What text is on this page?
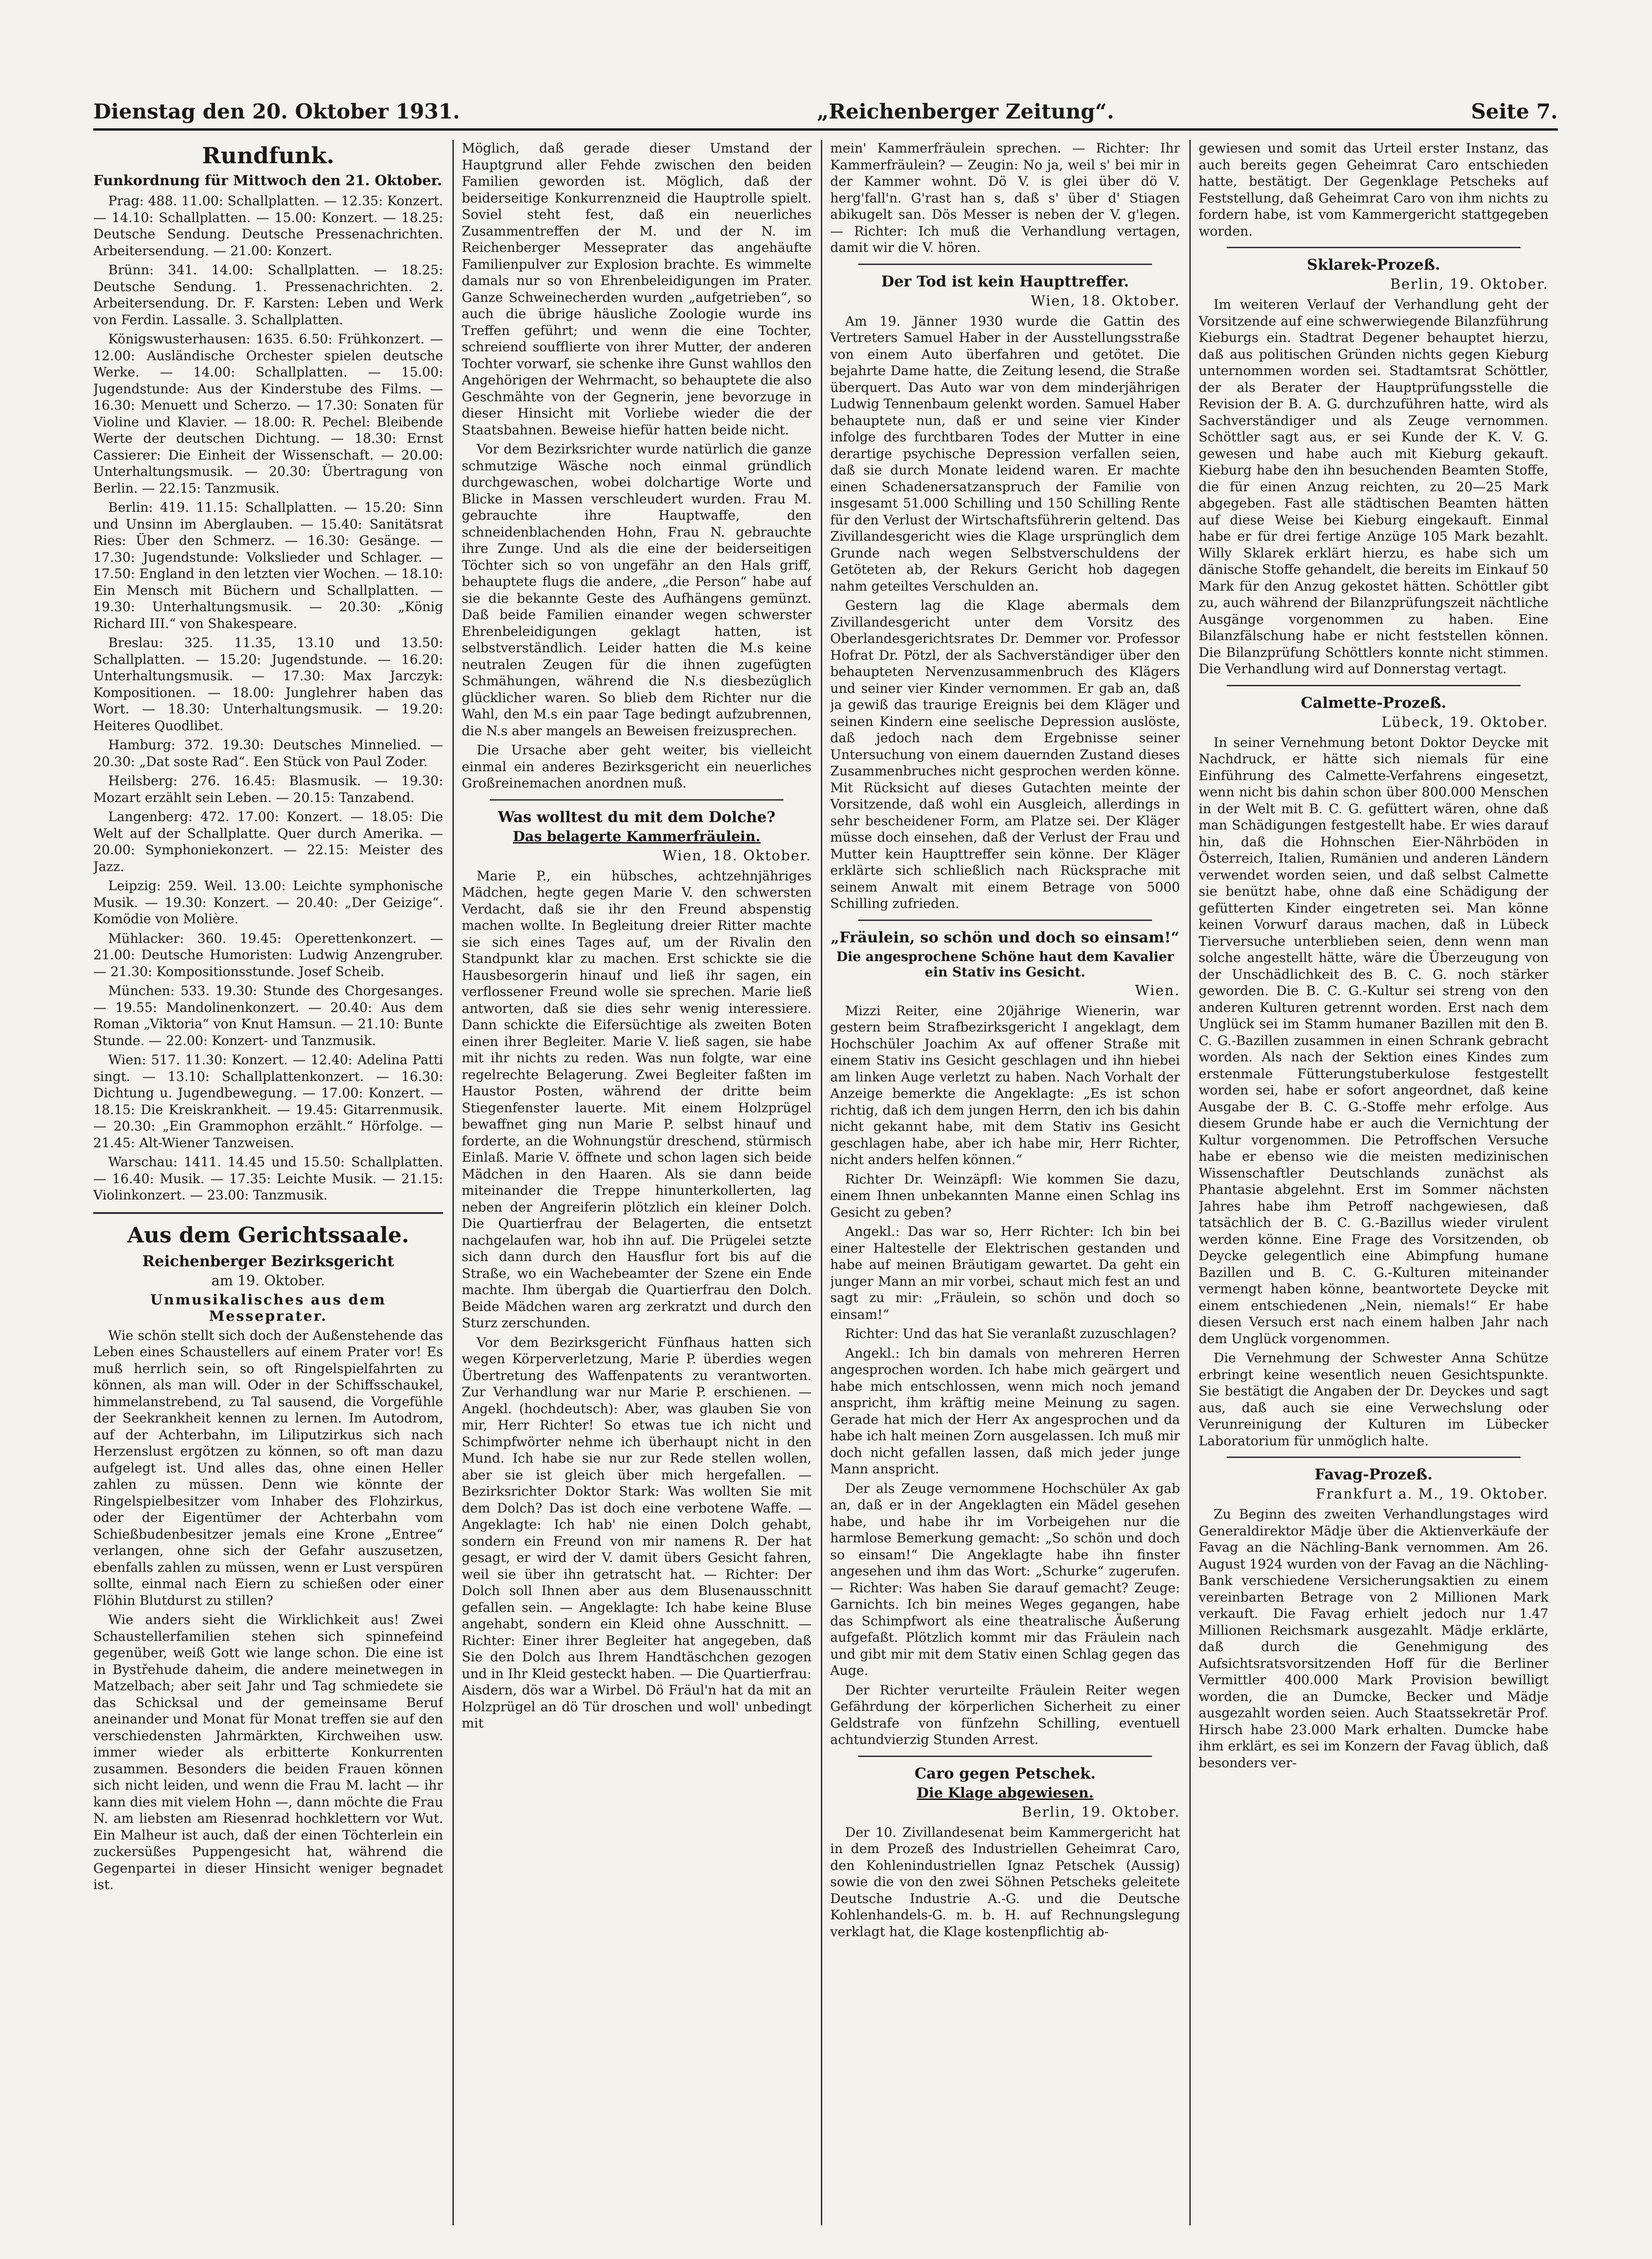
Dienstag den 20. Oktober 1931.	„Reichenberger Zeitung“.	Seite 7.
Rundfunk.
Funkordnung für Mittwoch den 21. Oktober.

Prag: 488. 11.00: Schallplatten. — 12.35: Konzert. — 14.10: Schallplatten. — 15.00: Konzert. — 18.25: Deutsche Sendung. Deutsche Pressenachrichten. Arbeitersendung. — 21.00: Konzert.

Brünn: 341. 14.00: Schallplatten. — 18.25: Deutsche Sendung. 1. Pressenachrichten. 2. Arbeitersendung. Dr. F. Karsten: Leben und Werk von Ferdin. Lassalle. 3. Schallplatten.

Königswusterhausen: 1635. 6.50: Frühkonzert. — 12.00: Ausländische Orchester spielen deutsche Werke. — 14.00: Schallplatten. — 15.00: Jugendstunde: Aus der Kinderstube des Films. — 16.30: Menuett und Scherzo. — 17.30: Sonaten für Violine und Klavier. — 18.00: R. Pechel: Bleibende Werte der deutschen Dichtung. — 18.30: Ernst Cassierer: Die Einheit der Wissenschaft. — 20.00: Unterhaltungsmusik. — 20.30: Übertragung von Berlin. — 22.15: Tanzmusik.

Berlin: 419. 11.15: Schallplatten. — 15.20: Sinn und Unsinn im Aberglauben. — 15.40: Sanitätsrat Ries: Über den Schmerz. — 16.30: Gesänge. — 17.30: Jugendstunde: Volkslieder und Schlager. — 17.50: England in den letzten vier Wochen. — 18.10: Ein Mensch mit Büchern und Schallplatten. — 19.30: Unterhaltungsmusik. — 20.30: „König Richard III.“ von Shakespeare.

Breslau: 325. 11.35, 13.10 und 13.50: Schallplatten. — 15.20: Jugendstunde. — 16.20: Unterhaltungsmusik. — 17.30: Max Jarczyk: Kompositionen. — 18.00: Junglehrer haben das Wort. — 18.30: Unterhaltungsmusik. — 19.20: Heiteres Quodlibet.

Hamburg: 372. 19.30: Deutsches Minnelied. — 20.30: „Dat soste Rad“. Een Stück von Paul Zoder.

Heilsberg: 276. 16.45: Blasmusik. — 19.30: Mozart erzählt sein Leben. — 20.15: Tanzabend.

Langenberg: 472. 17.00: Konzert. — 18.05: Die Welt auf der Schallplatte. Quer durch Amerika. — 20.00: Symphoniekonzert. — 22.15: Meister des Jazz.

Leipzig: 259. Weil. 13.00: Leichte symphonische Musik. — 19.30: Konzert. — 20.40: „Der Geizige“. Komödie von Molière.

Mühlacker: 360. 19.45: Operettenkonzert. — 21.00: Deutsche Humoristen: Ludwig Anzengruber. — 21.30: Kompositionsstunde. Josef Scheib.

München: 533. 19.30: Stunde des Chorgesanges. — 19.55: Mandolinenkonzert. — 20.40: Aus dem Roman „Viktoria“ von Knut Hamsun. — 21.10: Bunte Stunde. — 22.00: Konzert- und Tanzmusik.

Wien: 517. 11.30: Konzert. — 12.40: Adelina Patti singt. — 13.10: Schallplattenkonzert. — 16.30: Dichtung u. Jugendbewegung. — 17.00: Konzert. — 18.15: Die Kreiskrankheit. — 19.45: Gitarrenmusik. — 20.30: „Ein Grammophon erzählt.“ Hörfolge. — 21.45: Alt-Wiener Tanzweisen.

Warschau: 1411. 14.45 und 15.50: Schallplatten. — 16.40: Musik. — 17.35: Leichte Musik. — 21.15: Violinkonzert. — 23.00: Tanzmusik.

Aus dem Gerichtssaale.
Reichenberger Bezirksgericht
am 19. Oktober.
Unmusikalisches aus dem Messeprater.

Wie schön stellt sich doch der Außenstehende das Leben eines Schaustellers auf einem Prater vor! Es muß herrlich sein, so oft Ringelspielfahrten zu können, als man will. Oder in der Schiffsschaukel, himmelanstrebend, zu Tal sausend, die Vorgefühle der Seekrankheit kennen zu lernen. Im Autodrom, auf der Achterbahn, im Liliputzirkus sich nach Herzenslust ergötzen zu können, so oft man dazu aufgelegt ist. Und alles das, ohne einen Heller zahlen zu müssen. Denn wie könnte der Ringelspielbesitzer vom Inhaber des Flohzirkus, oder der Eigentümer der Achterbahn vom Schießbudenbesitzer jemals eine Krone „Entree“ verlangen, ohne sich der Gefahr auszusetzen, ebenfalls zahlen zu müssen, wenn er Lust verspüren sollte, einmal nach Eiern zu schießen oder einer Flöhin Blutdurst zu stillen?

Wie anders sieht die Wirklichkeit aus! Zwei Schaustellerfamilien stehen sich spinnefeind gegenüber, weiß Gott wie lange schon. Die eine ist in Bystřehude daheim, die andere meinetwegen in Matzelbach; aber seit Jahr und Tag schmiedete sie das Schicksal und der gemeinsame Beruf aneinander und Monat für Monat treffen sie auf den verschiedensten Jahrmärkten, Kirchweihen usw. immer wieder als erbitterte Konkurrenten zusammen. Besonders die beiden Frauen können sich nicht leiden, und wenn die Frau M. lacht — ihr kann dies mit vielem Hohn —, dann möchte die Frau N. am liebsten am Riesenrad hochklettern vor Wut. Ein Malheur ist auch, daß der einen Töchterlein ein zuckersüßes Puppengesicht hat, während die Gegenpartei in dieser Hinsicht weniger begnadet ist.

Möglich, daß gerade dieser Umstand der Hauptgrund aller Fehde zwischen den beiden Familien geworden ist. Möglich, daß der beiderseitige Konkurrenzneid die Hauptrolle spielt. Soviel steht fest, daß ein neuerliches Zusammentreffen der M. und der N. im Reichenberger Messeprater das angehäufte Familienpulver zur Explosion brachte. Es wimmelte damals nur so von Ehrenbeleidigungen im Prater. Ganze Schweinecherden wurden „aufgetrieben“, so auch die übrige häusliche Zoologie wurde ins Treffen geführt; und wenn die eine Tochter, schreiend soufflierte von ihrer Mutter, der anderen Tochter vorwarf, sie schenke ihre Gunst wahllos den Angehörigen der Wehrmacht, so behauptete die also Geschmähte von der Gegnerin, jene bevorzuge in dieser Hinsicht mit Vorliebe wieder die der Staatsbahnen. Beweise hiefür hatten beide nicht.

Vor dem Bezirksrichter wurde natürlich die ganze schmutzige Wäsche noch einmal gründlich durchgewaschen, wobei dolchartige Worte und Blicke in Massen verschleudert wurden. Frau M. gebrauchte ihre Hauptwaffe, den schneidenblachenden Hohn, Frau N. gebrauchte ihre Zunge. Und als die eine der beiderseitigen Töchter sich so von ungefähr an den Hals griff, behauptete flugs die andere, „die Person“ habe auf sie die bekannte Geste des Aufhängens gemünzt. Daß beide Familien einander wegen schwerster Ehrenbeleidigungen geklagt hatten, ist selbstverständlich. Leider hatten die M.s keine neutralen Zeugen für die ihnen zugefügten Schmähungen, während die N.s diesbezüglich glücklicher waren. So blieb dem Richter nur die Wahl, den M.s ein paar Tage bedingt aufzubrennen, die N.s aber mangels an Beweisen freizusprechen.

Die Ursache aber geht weiter, bis vielleicht einmal ein anderes Bezirksgericht ein neuerliches Großreinemachen anordnen muß.

Was wolltest du mit dem Dolche?
Das belagerte Kammerfräulein.
Wien, 18. Oktober.

Marie P., ein hübsches, achtzehnjähriges Mädchen, hegte gegen Marie V. den schwersten Verdacht, daß sie ihr den Freund abspenstig machen wollte. In Begleitung dreier Ritter machte sie sich eines Tages auf, um der Rivalin den Standpunkt klar zu machen. Erst schickte sie die Hausbesorgerin hinauf und ließ ihr sagen, ein verflossener Freund wolle sie sprechen. Marie ließ antworten, daß sie dies sehr wenig interessiere. Dann schickte die Eifersüchtige als zweiten Boten einen ihrer Begleiter. Marie V. ließ sagen, sie habe mit ihr nichts zu reden. Was nun folgte, war eine regelrechte Belagerung. Zwei Begleiter faßten im Haustor Posten, während der dritte beim Stiegenfenster lauerte. Mit einem Holzprügel bewaffnet ging nun Marie P. selbst hinauf und forderte, an die Wohnungstür dreschend, stürmisch Einlaß. Marie V. öffnete und schon lagen sich beide Mädchen in den Haaren. Als sie dann beide miteinander die Treppe hinunterkollerten, lag neben der Angreiferin plötzlich ein kleiner Dolch. Die Quartierfrau der Belagerten, die entsetzt nachgelaufen war, hob ihn auf. Die Prügelei setzte sich dann durch den Hausflur fort bis auf die Straße, wo ein Wachebeamter der Szene ein Ende machte. Ihm übergab die Quartierfrau den Dolch. Beide Mädchen waren arg zerkratzt und durch den Sturz zerschunden.

Vor dem Bezirksgericht Fünfhaus hatten sich wegen Körperverletzung, Marie P. überdies wegen Übertretung des Waffenpatents zu verantworten. Zur Verhandlung war nur Marie P. erschienen. — Angekl. (hochdeutsch): Aber, was glauben Sie von mir, Herr Richter! So etwas tue ich nicht und Schimpfwörter nehme ich überhaupt nicht in den Mund. Ich habe sie nur zur Rede stellen wollen, aber sie ist gleich über mich hergefallen. — Bezirksrichter Doktor Stark: Was wollten Sie mit dem Dolch? Das ist doch eine verbotene Waffe. — Angeklagte: Ich hab' nie einen Dolch gehabt, sondern ein Freund von mir namens R. Der hat gesagt, er wird der V. damit übers Gesicht fahren, weil sie über ihn getratscht hat. — Richter: Der Dolch soll Ihnen aber aus dem Blusenausschnitt gefallen sein. — Angeklagte: Ich habe keine Bluse angehabt, sondern ein Kleid ohne Ausschnitt. — Richter: Einer ihrer Begleiter hat angegeben, daß Sie den Dolch aus Ihrem Handtäschchen gezogen und in Ihr Kleid gesteckt haben. — Die Quartierfrau: Aisdern, dös war a Wirbel. Dö Fräul'n hat da mit an Holzprügel an dö Tür droschen und woll' unbedingt mit

mein' Kammerfräulein sprechen. — Richter: Ihr Kammerfräulein? — Zeugin: No ja, weil s' bei mir in der Kammer wohnt. Dö V. is glei über dö V. herg'fall'n. G'rast han s, daß s' über d' Stiagen abikugelt san. Dös Messer is neben der V. g'legen. — Richter: Ich muß die Verhandlung vertagen, damit wir die V. hören.

Der Tod ist kein Haupttreffer.
Wien, 18. Oktober.

Am 19. Jänner 1930 wurde die Gattin des Vertreters Samuel Haber in der Ausstellungsstraße von einem Auto überfahren und getötet. Die bejahrte Dame hatte, die Zeitung lesend, die Straße überquert. Das Auto war von dem minderjährigen Ludwig Tennenbaum gelenkt worden. Samuel Haber behauptete nun, daß er und seine vier Kinder infolge des furchtbaren Todes der Mutter in eine derartige psychische Depression verfallen seien, daß sie durch Monate leidend waren. Er machte einen Schadenersatzanspruch der Familie von insgesamt 51.000 Schilling und 150 Schilling Rente für den Verlust der Wirtschaftsführerin geltend. Das Zivillandesgericht wies die Klage ursprünglich dem Grunde nach wegen Selbstverschuldens der Getöteten ab, der Rekurs Gericht hob dagegen nahm geteiltes Verschulden an.

Gestern lag die Klage abermals dem Zivillandesgericht unter dem Vorsitz des Oberlandesgerichtsrates Dr. Demmer vor. Professor Hofrat Dr. Pötzl, der als Sachverständiger über den behaupteten Nervenzusammenbruch des Klägers und seiner vier Kinder vernommen. Er gab an, daß ja gewiß das traurige Ereignis bei dem Kläger und seinen Kindern eine seelische Depression auslöste, daß jedoch nach dem Ergebnisse seiner Untersuchung von einem dauernden Zustand dieses Zusammenbruches nicht gesprochen werden könne. Mit Rücksicht auf dieses Gutachten meinte der Vorsitzende, daß wohl ein Ausgleich, allerdings in sehr bescheidener Form, am Platze sei. Der Kläger müsse doch einsehen, daß der Verlust der Frau und Mutter kein Haupttreffer sein könne. Der Kläger erklärte sich schließlich nach Rücksprache mit seinem Anwalt mit einem Betrage von 5000 Schilling zufrieden.

„Fräulein, so schön und doch so einsam!“
Die angesprochene Schöne haut dem Kavalier ein Stativ ins Gesicht.
Wien.

Mizzi Reiter, eine 20jährige Wienerin, war gestern beim Strafbezirksgericht I angeklagt, dem Hochschüler Joachim Ax auf offener Straße mit einem Stativ ins Gesicht geschlagen und ihn hiebei am linken Auge verletzt zu haben. Nach Vorhalt der Anzeige bemerkte die Angeklagte: „Es ist schon richtig, daß ich dem jungen Herrn, den ich bis dahin nicht gekannt habe, mit dem Stativ ins Gesicht geschlagen habe, aber ich habe mir, Herr Richter, nicht anders helfen können.“

Richter Dr. Weinzäpfl: Wie kommen Sie dazu, einem Ihnen unbekannten Manne einen Schlag ins Gesicht zu geben?

Angekl.: Das war so, Herr Richter: Ich bin bei einer Haltestelle der Elektrischen gestanden und habe auf meinen Bräutigam gewartet. Da geht ein junger Mann an mir vorbei, schaut mich fest an und sagt zu mir: „Fräulein, so schön und doch so einsam!“

Richter: Und das hat Sie veranlaßt zuzuschlagen?

Angekl.: Ich bin damals von mehreren Herren angesprochen worden. Ich habe mich geärgert und habe mich entschlossen, wenn mich noch jemand anspricht, ihm kräftig meine Meinung zu sagen. Gerade hat mich der Herr Ax angesprochen und da habe ich halt meinen Zorn ausgelassen. Ich muß mir doch nicht gefallen lassen, daß mich jeder junge Mann anspricht.

Der als Zeuge vernommene Hochschüler Ax gab an, daß er in der Angeklagten ein Mädel gesehen habe, und habe ihr im Vorbeigehen nur die harmlose Bemerkung gemacht: „So schön und doch so einsam!“ Die Angeklagte habe ihn finster angesehen und ihm das Wort: „Schurke“ zugerufen. — Richter: Was haben Sie darauf gemacht? Zeuge: Garnichts. Ich bin meines Weges gegangen, habe das Schimpfwort als eine theatralische Äußerung aufgefaßt. Plötzlich kommt mir das Fräulein nach und gibt mir mit dem Stativ einen Schlag gegen das Auge.

Der Richter verurteilte Fräulein Reiter wegen Gefährdung der körperlichen Sicherheit zu einer Geldstrafe von fünfzehn Schilling, eventuell achtundvierzig Stunden Arrest.

Caro gegen Petschek.
Die Klage abgewiesen.
Berlin, 19. Oktober.

Der 10. Zivillandesenat beim Kammergericht hat in dem Prozeß des Industriellen Geheimrat Caro, den Kohlenindustriellen Ignaz Petschek (Aussig) sowie die von den zwei Söhnen Petscheks geleitete Deutsche Industrie A.-G. und die Deutsche Kohlenhandels-G. m. b. H. auf Rechnungslegung verklagt hat, die Klage kostenpflichtig ab-

gewiesen und somit das Urteil erster Instanz, das auch bereits gegen Geheimrat Caro entschieden hatte, bestätigt. Der Gegenklage Petscheks auf Feststellung, daß Geheimrat Caro von ihm nichts zu fordern habe, ist vom Kammergericht stattgegeben worden.

Sklarek-Prozeß.
Berlin, 19. Oktober.

Im weiteren Verlauf der Verhandlung geht der Vorsitzende auf eine schwerwiegende Bilanzführung Kieburgs ein. Stadtrat Degener behauptet hierzu, daß aus politischen Gründen nichts gegen Kieburg unternommen worden sei. Stadtamtsrat Schöttler, der als Berater der Hauptprüfungsstelle die Revision der B. A. G. durchzuführen hatte, wird als Sachverständiger und als Zeuge vernommen. Schöttler sagt aus, er sei Kunde der K. V. G. gewesen und habe auch mit Kieburg gekauft. Kieburg habe den ihn besuchenden Beamten Stoffe, die für einen Anzug reichten, zu 20—25 Mark abgegeben. Fast alle städtischen Beamten hätten auf diese Weise bei Kieburg eingekauft. Einmal habe er für drei fertige Anzüge 105 Mark bezahlt. Willy Sklarek erklärt hierzu, es habe sich um dänische Stoffe gehandelt, die bereits im Einkauf 50 Mark für den Anzug gekostet hätten. Schöttler gibt zu, auch während der Bilanzprüfungszeit nächtliche Ausgänge vorgenommen zu haben. Eine Bilanzfälschung habe er nicht feststellen können. Die Bilanzprüfung Schöttlers konnte nicht stimmen. Die Verhandlung wird auf Donnerstag vertagt.

Calmette-Prozeß.
Lübeck, 19. Oktober.

In seiner Vernehmung betont Doktor Deycke mit Nachdruck, er hätte sich niemals für eine Einführung des Calmette-Verfahrens eingesetzt, wenn nicht bis dahin schon über 800.000 Menschen in der Welt mit B. C. G. gefüttert wären, ohne daß man Schädigungen festgestellt habe. Er wies darauf hin, daß die Hohnschen Eier-Nährböden in Österreich, Italien, Rumänien und anderen Ländern verwendet worden seien, und daß selbst Calmette sie benützt habe, ohne daß eine Schädigung der gefütterten Kinder eingetreten sei. Man könne keinen Vorwurf daraus machen, daß in Lübeck Tierversuche unterblieben seien, denn wenn man solche angestellt hätte, wäre die Überzeugung von der Unschädlichkeit des B. C. G. noch stärker geworden. Die B. C. G.-Kultur sei streng von den anderen Kulturen getrennt worden. Erst nach dem Unglück sei im Stamm humaner Bazillen mit den B. C. G.-Bazillen zusammen in einen Schrank gebracht worden. Als nach der Sektion eines Kindes zum erstenmale Fütterungstuberkulose festgestellt worden sei, habe er sofort angeordnet, daß keine Ausgabe der B. C. G.-Stoffe mehr erfolge. Aus diesem Grunde habe er auch die Vernichtung der Kultur vorgenommen. Die Petroffschen Versuche habe er ebenso wie die meisten medizinischen Wissenschaftler Deutschlands zunächst als Phantasie abgelehnt. Erst im Sommer nächsten Jahres habe ihm Petroff nachgewiesen, daß tatsächlich der B. C. G.-Bazillus wieder virulent werden könne. Eine Frage des Vorsitzenden, ob Deycke gelegentlich eine Abimpfung humane Bazillen und B. C. G.-Kulturen miteinander vermengt haben könne, beantwortete Deycke mit einem entschiedenen „Nein, niemals!“ Er habe diesen Versuch erst nach einem halben Jahr nach dem Unglück vorgenommen.

Die Vernehmung der Schwester Anna Schütze erbringt keine wesentlich neuen Gesichtspunkte. Sie bestätigt die Angaben der Dr. Deyckes und sagt aus, daß auch sie eine Verwechslung oder Verunreinigung der Kulturen im Lübecker Laboratorium für unmöglich halte.

Favag-Prozeß.
Frankfurt a. M., 19. Oktober.

Zu Beginn des zweiten Verhandlungstages wird Generaldirektor Mädje über die Aktienverkäufe der Favag an die Nächling-Bank vernommen. Am 26. August 1924 wurden von der Favag an die Nächling-Bank verschiedene Versicherungsaktien zu einem vereinbarten Betrage von 2 Millionen Mark verkauft. Die Favag erhielt jedoch nur 1.47 Millionen Reichsmark ausgezahlt. Mädje erklärte, daß durch die Genehmigung des Aufsichtsratsvorsitzenden Hoff für die Berliner Vermittler 400.000 Mark Provision bewilligt worden, die an Dumcke, Becker und Mädje ausgezahlt worden seien. Auch Staatssekretär Prof. Hirsch habe 23.000 Mark erhalten. Dumcke habe ihm erklärt, es sei im Konzern der Favag üblich, daß besonders ver-
